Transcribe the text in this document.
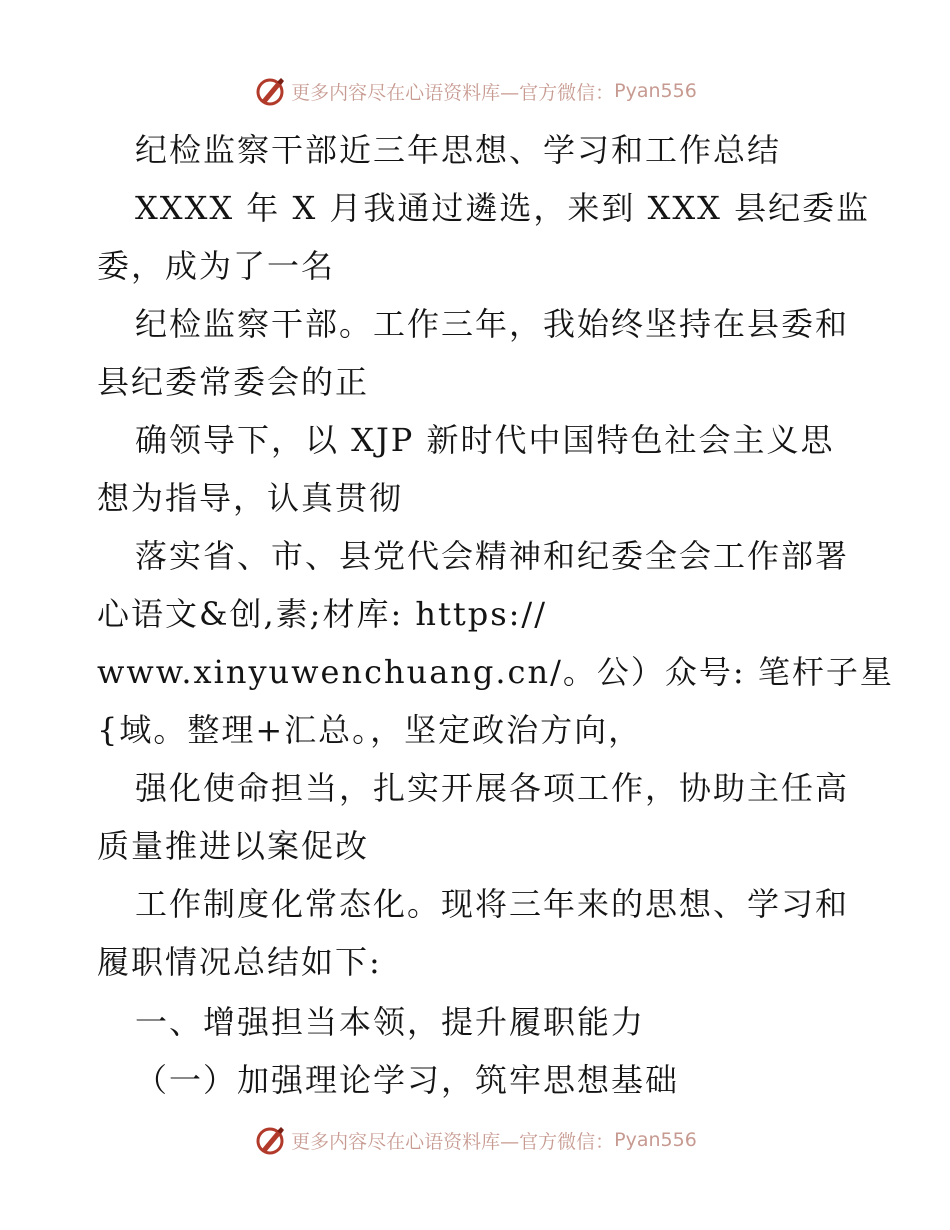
更多内容尽在心语资料库—官方微信： Pyan556
纪检监察干部近三年思想、学习和工作总结
XXXX 年 X 月我通过遴选，来到 XXX 县纪委监
委，成为了一名
纪检监察干部。工作三年，我始终坚持在县委和
县纪委常委会的正
确领导下，以 XJP 新时代中国特色社会主义思
想为指导，认真贯彻
落实省、市、县党代会精神和纪委全会工作部署
心语文&创,素;材库: https://
www.xinyuwenchuang.cn/。公）众号: 笔杆子星
{域。整理+汇总。，坚定政治方向，
强化使命担当，扎实开展各项工作，协助主任高
质量推进以案促改
工作制度化常态化。现将三年来的思想、学习和
履职情况总结如下:
一、增强担当本领，提升履职能力
（一）加强理论学习，筑牢思想基础
更多内容尽在心语资料库—官方微信： Pyan556
